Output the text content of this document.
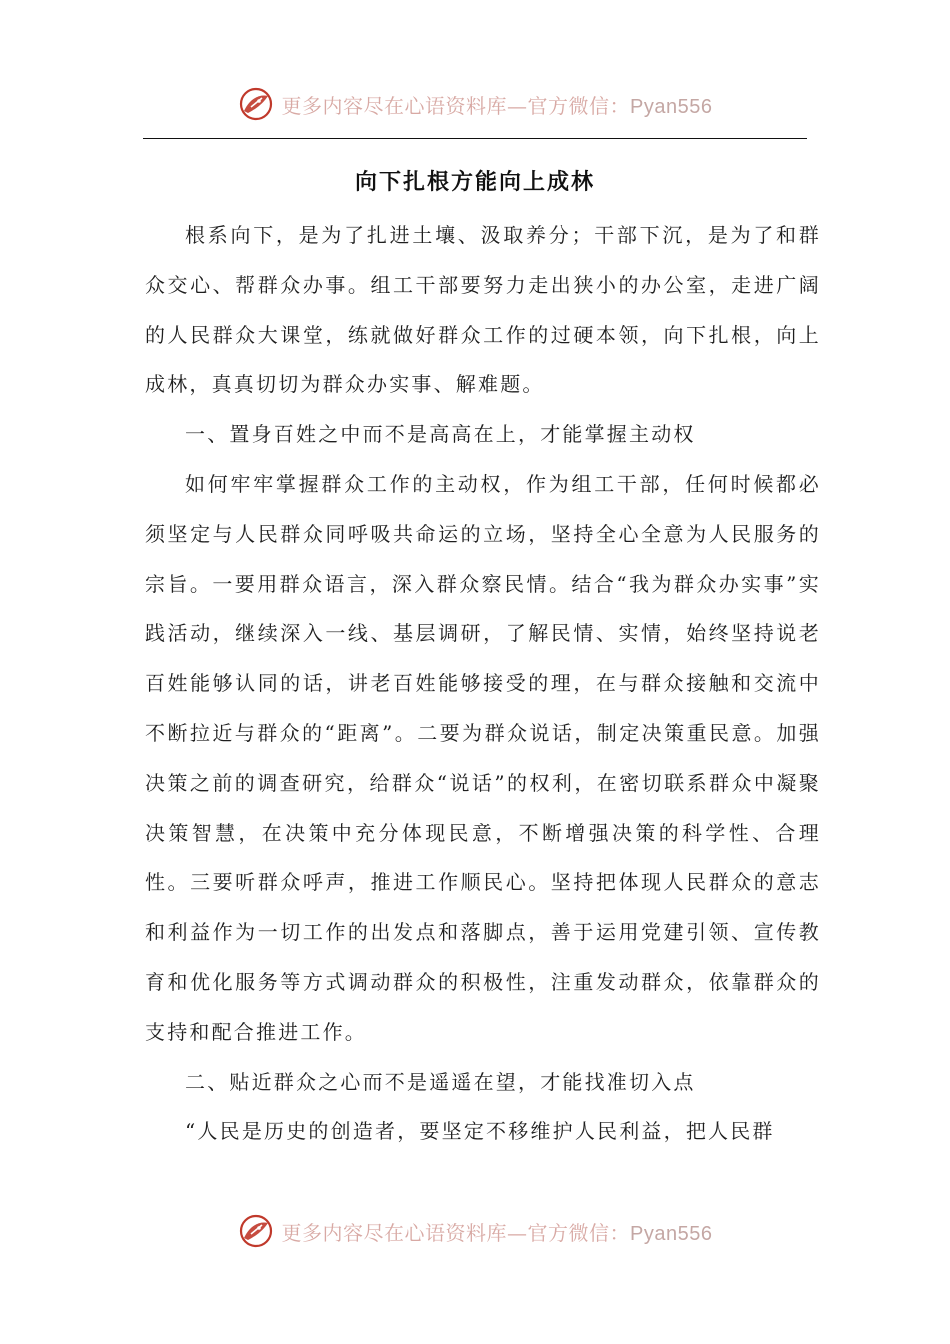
更多内容尽在心语资料库—官方微信：Pyan556
向下扎根方能向上成林

根系向下，是为了扎进土壤、汲取养分；干部下沉，是为了和群众交心、帮群众办事。组工干部要努力走出狭小的办公室，走进广阔的人民群众大课堂，练就做好群众工作的过硬本领，向下扎根，向上成林，真真切切为群众办实事、解难题。

一、置身百姓之中而不是高高在上，才能掌握主动权

如何牢牢掌握群众工作的主动权，作为组工干部，任何时候都必须坚定与人民群众同呼吸共命运的立场，坚持全心全意为人民服务的宗旨。一要用群众语言，深入群众察民情。结合“我为群众办实事”实践活动，继续深入一线、基层调研，了解民情、实情，始终坚持说老百姓能够认同的话，讲老百姓能够接受的理，在与群众接触和交流中不断拉近与群众的“距离”。二要为群众说话，制定决策重民意。加强决策之前的调查研究，给群众“说话”的权利，在密切联系群众中凝聚决策智慧，在决策中充分体现民意，不断增强决策的科学性、合理性。三要听群众呼声，推进工作顺民心。坚持把体现人民群众的意志和利益作为一切工作的出发点和落脚点，善于运用党建引领、宣传教育和优化服务等方式调动群众的积极性，注重发动群众，依靠群众的支持和配合推进工作。

二、贴近群众之心而不是遥遥在望，才能找准切入点

“人民是历史的创造者，要坚定不移维护人民利益，把人民群

更多内容尽在心语资料库—官方微信：Pyan556
